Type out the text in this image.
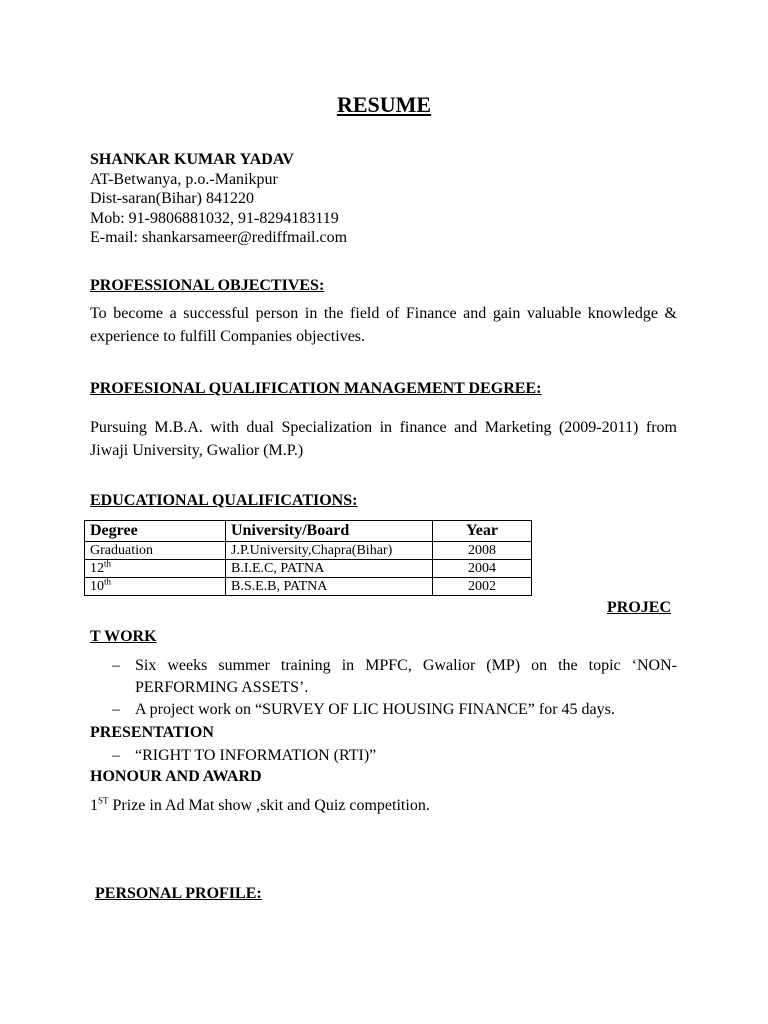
RESUME
SHANKAR KUMAR YADAV
AT-Betwanya, p.o.-Manikpur
Dist-saran(Bihar) 841220
Mob: 91-9806881032, 91-8294183119
E-mail: shankarsameer@rediffmail.com
PROFESSIONAL OBJECTIVES:
To become a successful person in the field of Finance and gain valuable knowledge & experience to fulfill Companies objectives.
PROFESIONAL QUALIFICATION MANAGEMENT DEGREE:
Pursuing M.B.A. with dual Specialization in finance and Marketing (2009-2011) from Jiwaji University, Gwalior (M.P.)
EDUCATIONAL QUALIFICATIONS:
Degree	University/Board	Year
Graduation	J.P.University,Chapra(Bihar)	2008
12th	B.I.E.C, PATNA	2004
10th	B.S.E.B, PATNA	2002
PROJEC
T WORK
– Six weeks summer training in MPFC, Gwalior (MP) on the topic ‘NON-PERFORMING ASSETS’.
– A project work on “SURVEY OF LIC HOUSING FINANCE” for 45 days.
PRESENTATION
– “RIGHT TO INFORMATION (RTI)”
HONOUR AND AWARD
1ST Prize in Ad Mat show ,skit and Quiz competition.
PERSONAL PROFILE:
